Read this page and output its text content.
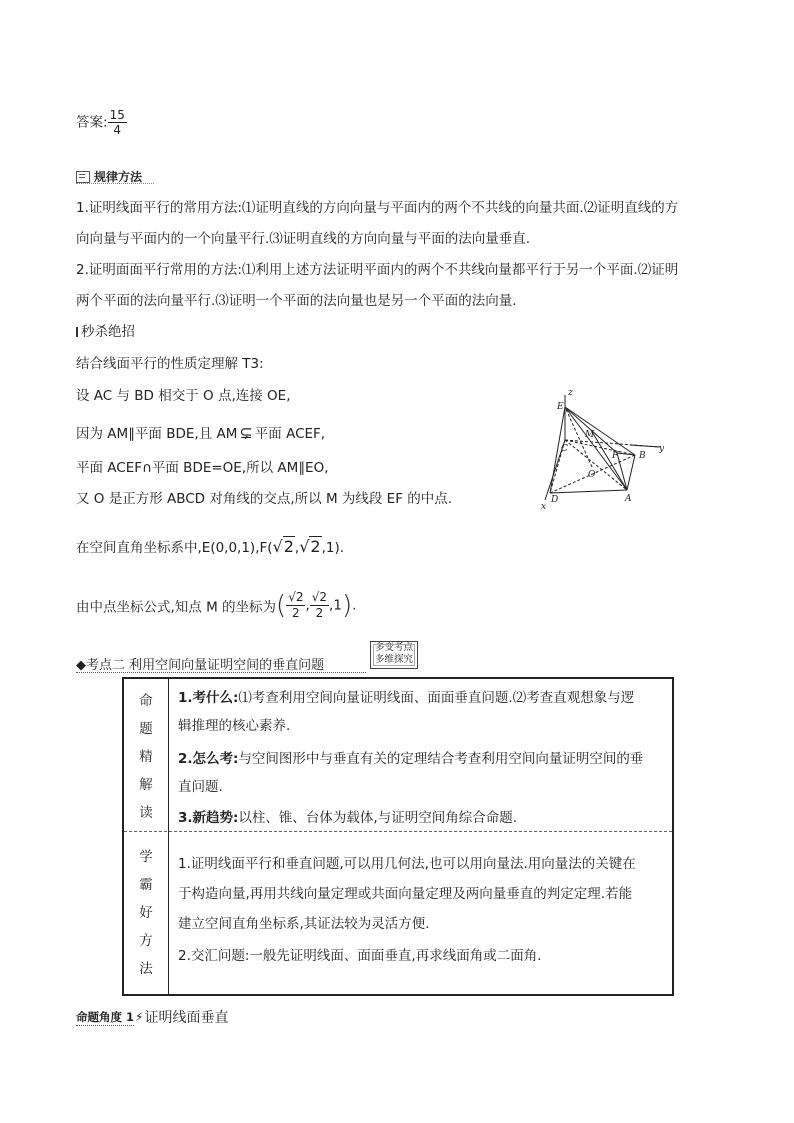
答案: $\frac{15}{4}$
规律方法
1.证明线面平行的常用方法:⑴证明直线的方向向量与平面内的两个不共线的向量共面.⑵证明直线的方
向向量与平面内的一个向量平行.⑶证明直线的方向向量与平面的法向量垂直.
2.证明面面平行常用的方法:⑴利用上述方法证明平面内的两个不共线向量都平行于另一个平面.⑵证明
两个平面的法向量平行.⑶证明一个平面的法向量也是另一个平面的法向量.
秒杀绝招
结合线面平行的性质定理解 T3:
设 AC 与 BD 相交于 O 点,连接 OE,
因为 AM∥平面 BDE,且 AM ⊊ 平面 ACEF,
平面 ACEF∩平面 BDE=OE,所以 AM∥EO,
又 O 是正方形 ABCD 对角线的交点,所以 M 为线段 EF 的中点.
在空间直角坐标系中,E(0,0,1),F(√2,√2,1).
由中点坐标公式,知点 M 的坐标为( $\frac{√2}{2}$ , $\frac{√2}{2} ,1$).
z
E
M
C
F B
y
O
D	A
x
◆考点二 利用空间向量证明空间的垂直问题
多变考点
多维探究
命
题
精
解
读
学
霸
好
方
法
1.考什么:⑴考查利用空间向量证明线面、面面垂直问题.⑵考查直观想象与逻
辑推理的核心素养.
2.怎么考:与空间图形中与垂直有关的定理结合考查利用空间向量证明空间的垂
直问题.
3.新趋势:以柱、锥、台体为载体,与证明空间角综合命题.
1.证明线面平行和垂直问题,可以用几何法,也可以用向量法.用向量法的关键在
于构造向量,再用共线向量定理或共面向量定理及两向量垂直的判定定理.若能
建立空间直角坐标系,其证法较为灵活方便.
2.交汇问题:一般先证明线面、面面垂直,再求线面角或二面角.
命题角度 1 ⚡ 证明线面垂直
